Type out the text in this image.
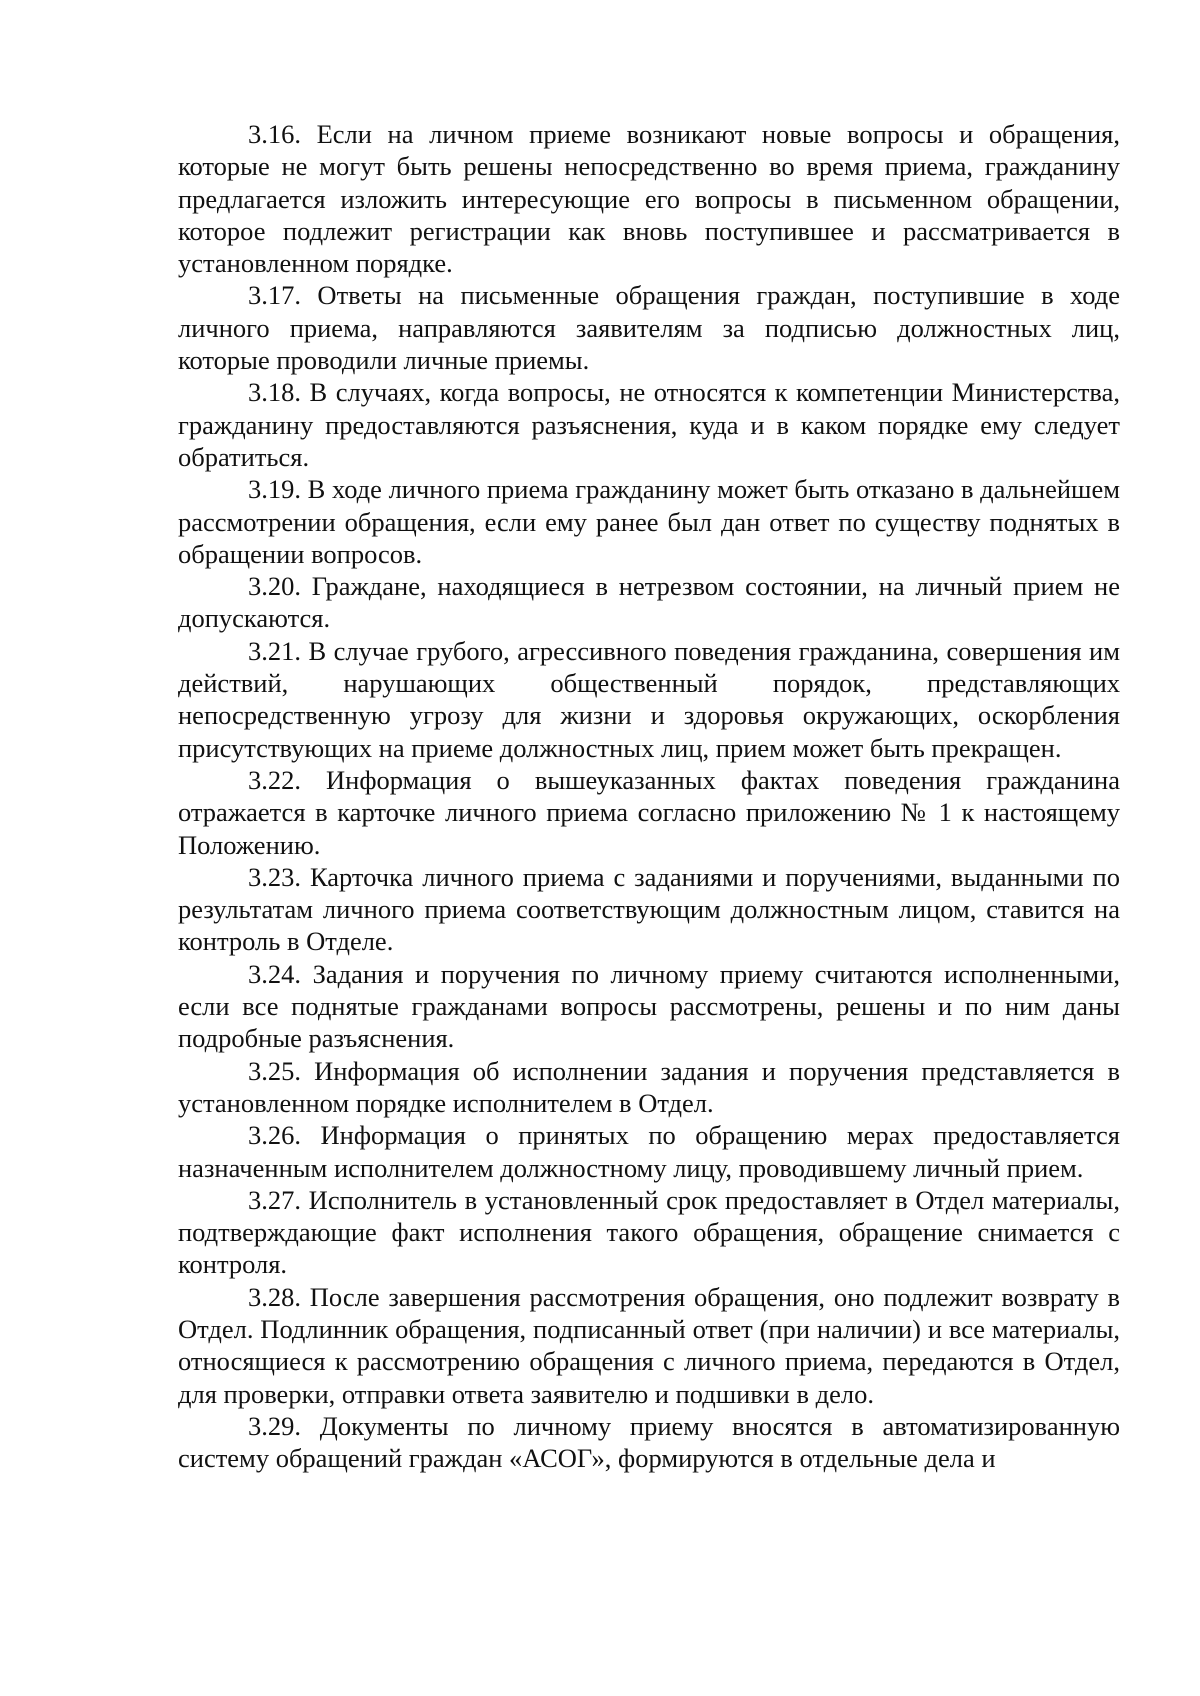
3.16. Если на личном приеме возникают новые вопросы и обращения, которые не могут быть решены непосредственно во время приема, гражданину предлагается изложить интересующие его вопросы в письменном обращении, которое подлежит регистрации как вновь поступившее и рассматривается в установленном порядке.

3.17. Ответы на письменные обращения граждан, поступившие в ходе личного приема, направляются заявителям за подписью должностных лиц, которые проводили личные приемы.

3.18. В случаях, когда вопросы, не относятся к компетенции Министерства, гражданину предоставляются разъяснения, куда и в каком порядке ему следует обратиться.

3.19. В ходе личного приема гражданину может быть отказано в дальнейшем рассмотрении обращения, если ему ранее был дан ответ по существу поднятых в обращении вопросов.

3.20. Граждане, находящиеся в нетрезвом состоянии, на личный прием не допускаются.

3.21. В случае грубого, агрессивного поведения гражданина, совершения им действий, нарушающих общественный порядок, представляющих непосредственную угрозу для жизни и здоровья окружающих, оскорбления присутствующих на приеме должностных лиц, прием может быть прекращен.

3.22. Информация о вышеуказанных фактах поведения гражданина отражается в карточке личного приема согласно приложению № 1 к настоящему Положению.

3.23. Карточка личного приема с заданиями и поручениями, выданными по результатам личного приема соответствующим должностным лицом, ставится на контроль в Отделе.

3.24. Задания и поручения по личному приему считаются исполненными, если все поднятые гражданами вопросы рассмотрены, решены и по ним даны подробные разъяснения.

3.25. Информация об исполнении задания и поручения представляется в установленном порядке исполнителем в Отдел.

3.26. Информация о принятых по обращению мерах предоставляется назначенным исполнителем должностному лицу, проводившему личный прием.

3.27. Исполнитель в установленный срок предоставляет в Отдел материалы, подтверждающие факт исполнения такого обращения, обращение снимается с контроля.

3.28. После завершения рассмотрения обращения, оно подлежит возврату в Отдел. Подлинник обращения, подписанный ответ (при наличии) и все материалы, относящиеся к рассмотрению обращения с личного приема, передаются в Отдел, для проверки, отправки ответа заявителю и подшивки в дело.

3.29. Документы по личному приему вносятся в автоматизированную систему обращений граждан «АСОГ», формируются в отдельные дела и
